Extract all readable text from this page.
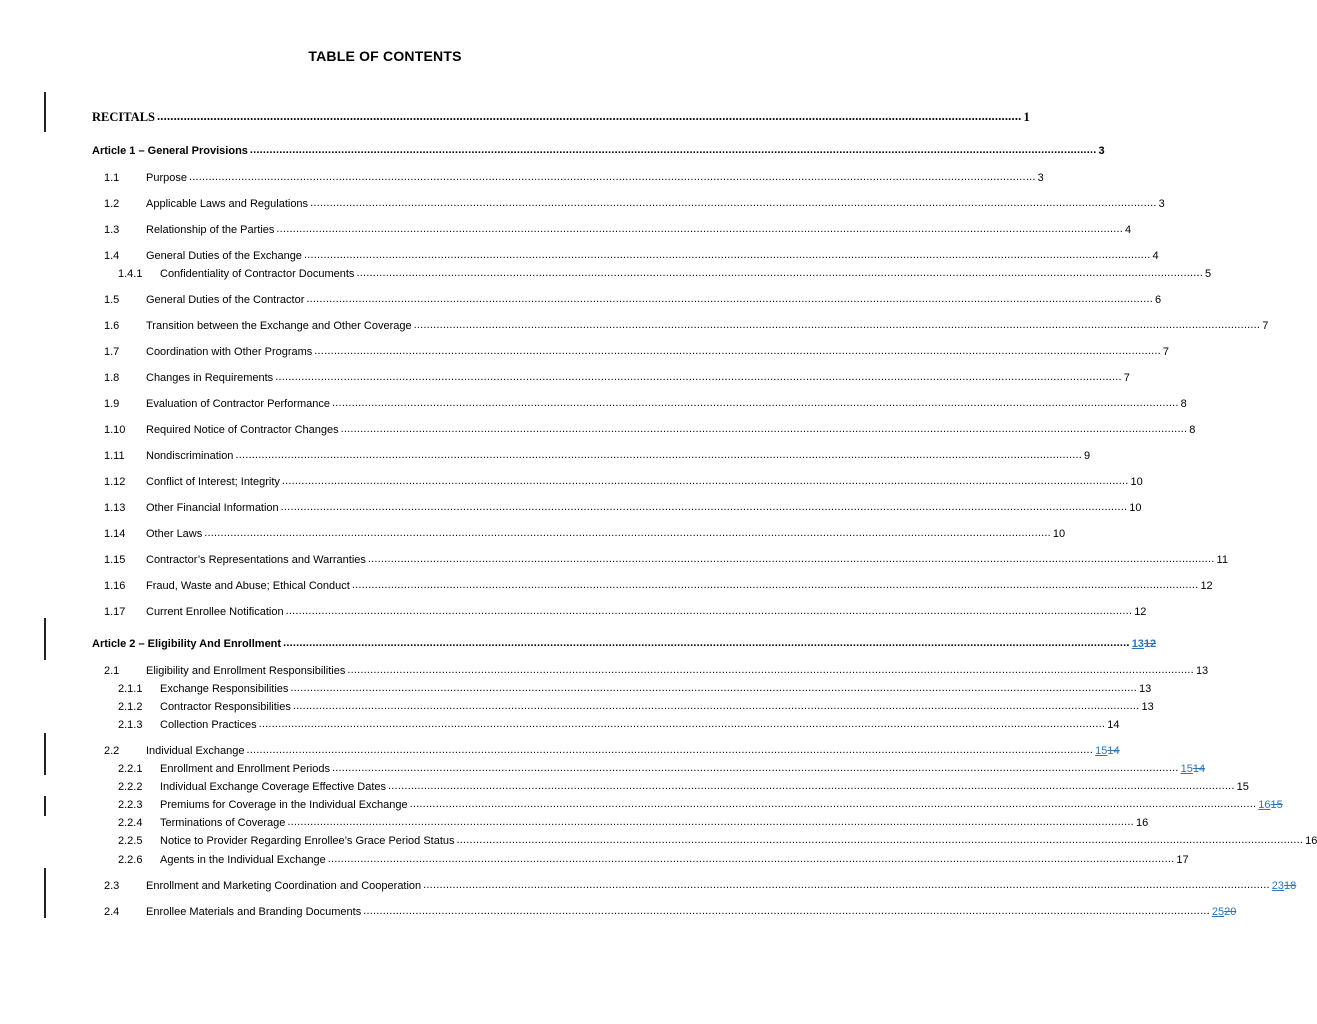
TABLE OF CONTENTS
RECITALS .................................................................................................................................................................................................................................................................... 1
Article 1 – General Provisions .................................................................................................................................................................................................................................................................... 3
1.1	Purpose .................................................................................................................................................................................................................................................................... 3
1.2	Applicable Laws and Regulations .................................................................................................................................................................................................................................................................... 3
1.3	Relationship of the Parties .................................................................................................................................................................................................................................................................... 4
1.4	General Duties of the Exchange .................................................................................................................................................................................................................................................................... 4
1.4.1	Confidentiality of Contractor Documents .................................................................................................................................................................................................................................................................... 5
1.5	General Duties of the Contractor .................................................................................................................................................................................................................................................................... 6
1.6	Transition between the Exchange and Other Coverage .................................................................................................................................................................................................................................................................... 7
1.7	Coordination with Other Programs .................................................................................................................................................................................................................................................................... 7
1.8	Changes in Requirements .................................................................................................................................................................................................................................................................... 7
1.9	Evaluation of Contractor Performance .................................................................................................................................................................................................................................................................... 8
1.10	Required Notice of Contractor Changes .................................................................................................................................................................................................................................................................... 8
1.11	Nondiscrimination .................................................................................................................................................................................................................................................................... 9
1.12	Conflict of Interest; Integrity .................................................................................................................................................................................................................................................................... 10
1.13	Other Financial Information .................................................................................................................................................................................................................................................................... 10
1.14	Other Laws .................................................................................................................................................................................................................................................................... 10
1.15	Contractor’s Representations and Warranties .................................................................................................................................................................................................................................................................... 11
1.16	Fraud, Waste and Abuse; Ethical Conduct .................................................................................................................................................................................................................................................................... 12
1.17	Current Enrollee Notification .................................................................................................................................................................................................................................................................... 12
Article 2 – Eligibility And Enrollment .................................................................................................................................................................................................................................................................... 1312
2.1	Eligibility and Enrollment Responsibilities .................................................................................................................................................................................................................................................................... 13
2.1.1	Exchange Responsibilities .................................................................................................................................................................................................................................................................... 13
2.1.2	Contractor Responsibilities .................................................................................................................................................................................................................................................................... 13
2.1.3	Collection Practices .................................................................................................................................................................................................................................................................... 14
2.2	Individual Exchange .................................................................................................................................................................................................................................................................... 1514
2.2.1	Enrollment and Enrollment Periods .................................................................................................................................................................................................................................................................... 1514
2.2.2	Individual Exchange Coverage Effective Dates .................................................................................................................................................................................................................................................................... 15
2.2.3	Premiums for Coverage in the Individual Exchange .................................................................................................................................................................................................................................................................... 1615
2.2.4	Terminations of Coverage .................................................................................................................................................................................................................................................................... 16
2.2.5	Notice to Provider Regarding Enrollee’s Grace Period Status .................................................................................................................................................................................................................................................................... 16
2.2.6	Agents in the Individual Exchange .................................................................................................................................................................................................................................................................... 17
2.3	Enrollment and Marketing Coordination and Cooperation .................................................................................................................................................................................................................................................................... 2318
2.4	Enrollee Materials and Branding Documents .................................................................................................................................................................................................................................................................... 2520
